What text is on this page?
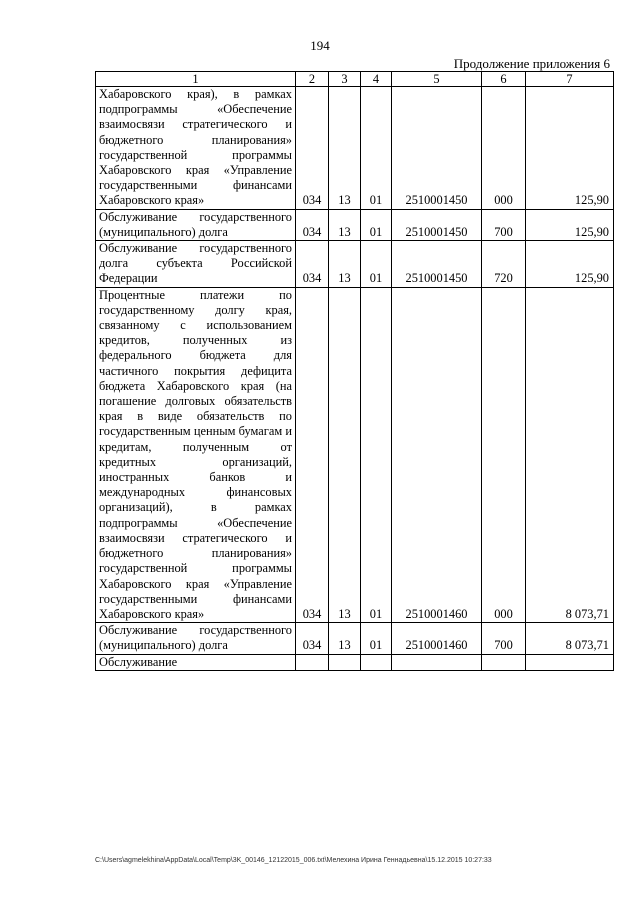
194
Продолжение приложения 6
1	2	3	4	5	6	7
Хабаровского края), в рамках подпрограммы «Обеспечение взаимосвязи стратегического и бюджетного планирования» государственной программы Хабаровского края «Управление государственными финансами Хабаровского края»	034	13	01	2510001450	000	125,90
Обслуживание государственного (муниципального) долга	034	13	01	2510001450	700	125,90
Обслуживание государственного долга субъекта Российской Федерации	034	13	01	2510001450	720	125,90
Процентные платежи по государственному долгу края, связанному с использованием кредитов, полученных из федерального бюджета для частичного покрытия дефицита бюджета Хабаровского края (на погашение долговых обязательств края в виде обязательств по государственным ценным бумагам и кредитам, полученным от кредитных организаций, иностранных банков и международных финансовых организаций), в рамках подпрограммы «Обеспечение взаимосвязи стратегического и бюджетного планирования» государственной программы Хабаровского края «Управление государственными финансами Хабаровского края»	034	13	01	2510001460	000	8 073,71
Обслуживание государственного (муниципального) долга	034	13	01	2510001460	700	8 073,71
Обслуживание						
C:\Users\agmelekhina\AppData\Local\Temp\3K_00146_12122015_006.txt\Мелехина Ирина Геннадьевна\15.12.2015 10:27:33
